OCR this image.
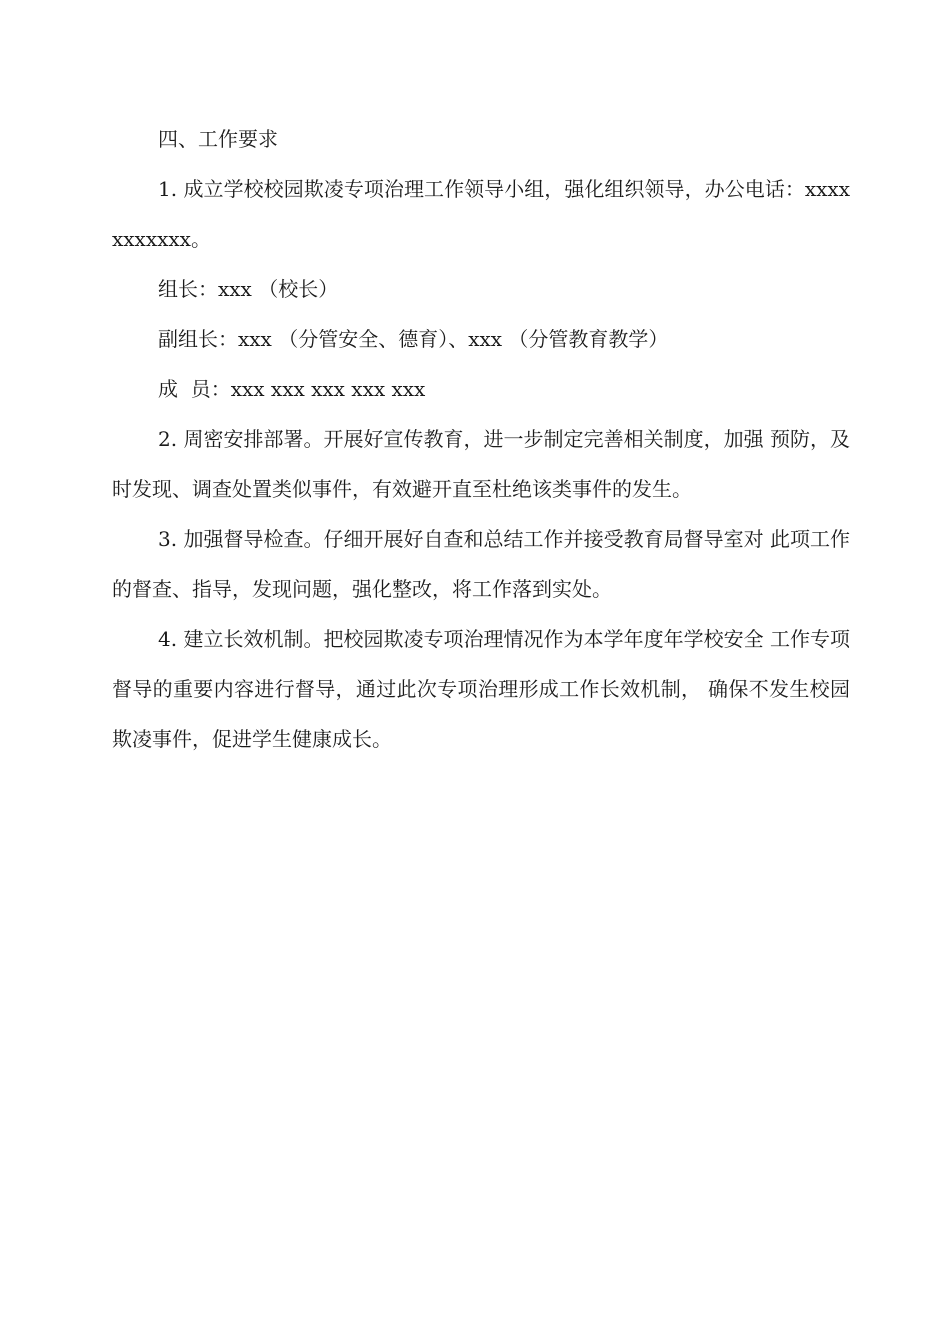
四、工作要求

1. 成立学校校园欺凌专项治理工作领导小组，强化组织领导，办公电话：xxxxxxxxxxx。

组长：xxx （校长）

副组长：xxx （分管安全、德育）、xxx （分管教育教学）

成  员：xxx xxx xxx xxx xxx

2. 周密安排部署。开展好宣传教育，进一步制定完善相关制度，加强 预防，及时发现、调查处置类似事件，有效避开直至杜绝该类事件的发生。

3. 加强督导检查。仔细开展好自查和总结工作并接受教育局督导室对 此项工作的督查、指导，发现问题，强化整改，将工作落到实处。

4. 建立长效机制。把校园欺凌专项治理情况作为本学年度年学校安全 工作专项督导的重要内容进行督导，通过此次专项治理形成工作长效机制， 确保不发生校园欺凌事件，促进学生健康成长。
